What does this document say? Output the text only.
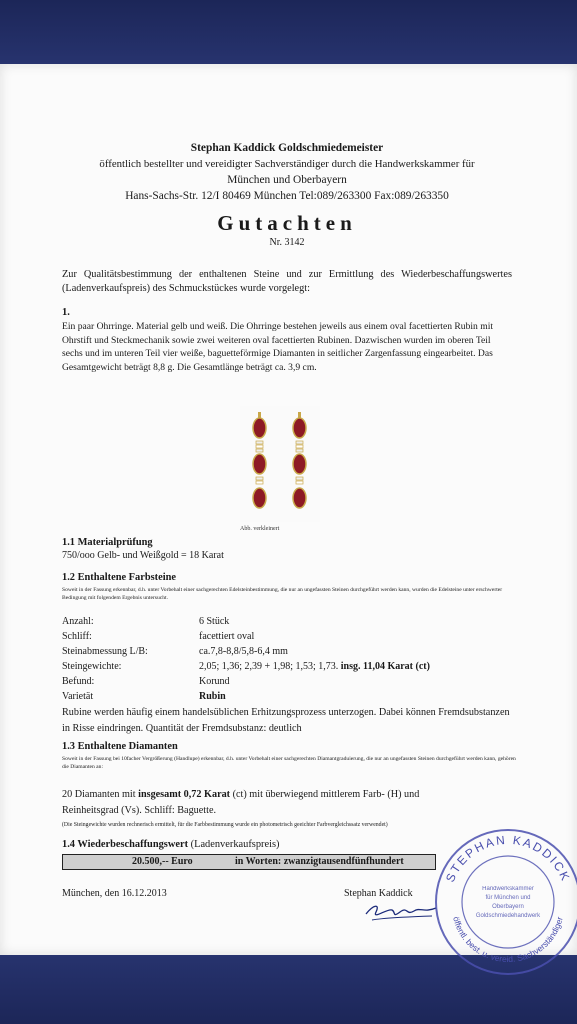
Stephan Kaddick Goldschmiedemeister
öffentlich bestellter und vereidigter Sachverständiger durch die Handwerkskammer für
München und Oberbayern
Hans-Sachs-Str. 12/I 80469 München Tel:089/263300 Fax:089/263350
Gutachten
Nr. 3142
Zur Qualitätsbestimmung der enthaltenen Steine und zur Ermittlung des Wiederbeschaffungswertes (Ladenverkaufspreis) des Schmuckstückes wurde vorgelegt:
1.
Ein paar Ohrringe. Material gelb und weiß. Die Ohrringe bestehen jeweils aus einem oval facettierten Rubin mit Ohrstift und Steckmechanik sowie zwei weiteren oval facettierten Rubinen. Dazwischen wurden im oberen Teil sechs und im unteren Teil vier weiße, baguetteförmige Diamanten in seitlicher Zargenfassung eingearbeitet. Das Gesamtgewicht beträgt 8,8 g. Die Gesamtlänge beträgt ca. 3,9 cm.
Abb. verkleinert
1.1 Materialprüfung
750/ooo Gelb- und Weißgold = 18 Karat
1.2 Enthaltene Farbsteine
Soweit in der Fassung erkennbar, d.h. unter Vorbehalt einer sachgerechten Edelsteinbestimmung, die nur an ungefassten Steinen durchgeführt werden kann, wurden die Edelsteine unter erschwerter Bedingung mit folgendem Ergebnis untersucht.
Anzahl:	6 Stück
Schliff:	facettiert oval
Steinabmessung L/B:	ca.7,8-8,8/5,8-6,4 mm
Steingewichte:	2,05; 1,36; 2,39 + 1,98; 1,53; 1,73. insg. 11,04 Karat (ct)
Befund:	Korund
Varietät	Rubin
Rubine werden häufig einem handelsüblichen Erhitzungsprozess unterzogen. Dabei können Fremdsubstanzen in Risse eindringen. Quantität der Fremdsubstanz: deutlich
1.3 Enthaltene Diamanten
Soweit in der Fassung bei 10facher Vergrößerung (Handlupe) erkennbar, d.h. unter Vorbehalt einer sachgerechten Diamantgraduierung, die nur an ungefassten Steinen durchgeführt werden kann, gehören die Diamanten an:
20 Diamanten mit insgesamt 0,72 Karat (ct) mit überwiegend mittlerem Farb- (H) und
Reinheitsgrad (Vs). Schliff: Baguette.
(Die Steingewichte wurden rechnerisch ermittelt, für die Farbbestimmung wurde ein photometrisch geeichter Farbvergleichssatz verwendet)
1.4 Wiederbeschaffungswert (Ladenverkaufspreis)
20.500,-- Euro	in Worten: zwanzigtausendfünfhundert
München, den 16.12.2013	Stephan Kaddick
STEPHAN KADDICK
öffentl. best. u. vereid. Sachverständiger
Handwerkskammer
für München und
Oberbayern
Goldschmiedehandwerk
